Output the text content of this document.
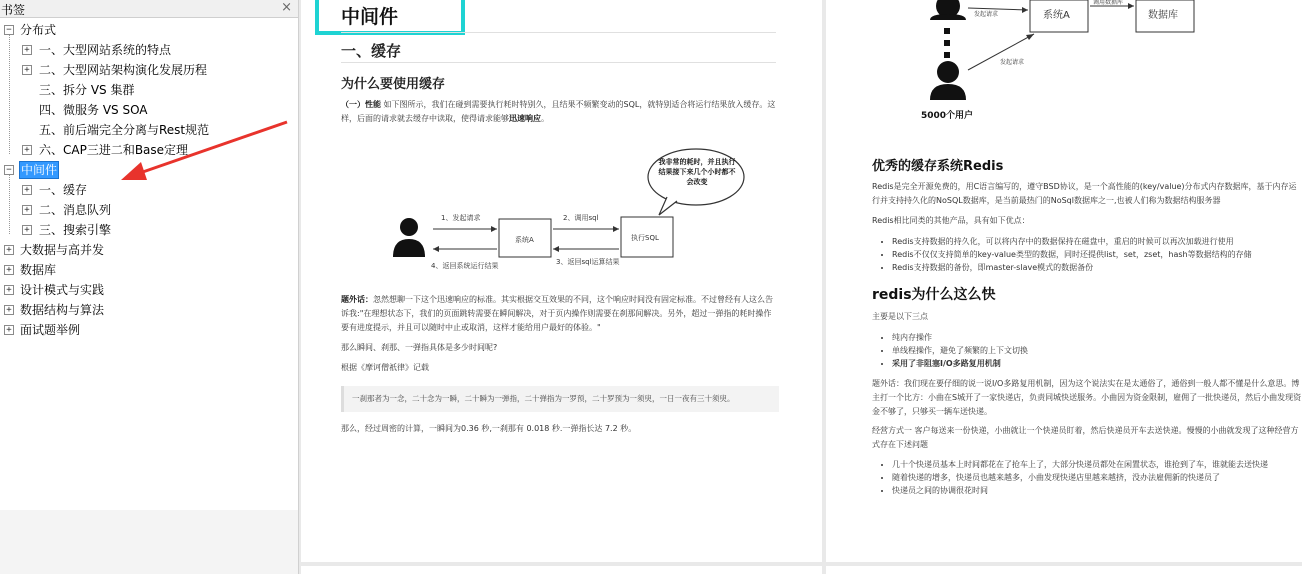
书签	×
−
分布式
+
一、大型网站系统的特点
+
二、大型网站架构演化发展历程
三、拆分 VS 集群
四、微服务 VS SOA
五、前后端完全分离与Rest规范
+
六、CAP三进二和Base定理
−
中间件
+
一、缓存
+
二、消息队列
+
三、搜索引擎
+
大数据与高并发
+
数据库
+
设计模式与实践
+
数据结构与算法
+
面试题举例
中间件
一、缓存
为什么要使用缓存
（一）性能 如下图所示，我们在碰到需要执行耗时特别久，且结果不频繁变动的SQL，就特别适合将运行结果放入缓存。这样，后面的请求就去缓存中读取，使得请求能够迅速响应。
系统A	执行SQL
1、发起请求	2、调用sql
3、返回sql运算结果
4、返回系统运行结果
我非常的耗时，并且执行结果接下来几个小时都不会改变
题外话：忽然想聊一下这个迅速响应的标准。其实根据交互效果的不同，这个响应时间没有固定标准。不过曾经有人这么告诉我:"在理想状态下，我们的页面跳转需要在瞬间解决，对于页内操作则需要在刹那间解决。另外，超过一弹指的耗时操作要有进度提示，并且可以随时中止或取消，这样才能给用户最好的体验。"
那么瞬间、刹那、一弹指具体是多少时间呢?
根据《摩诃僧祇律》记载
一刹那者为一念，二十念为一瞬，二十瞬为一弹指，二十弹指为一罗预，二十罗预为一须臾，一日一夜有三十须臾。
那么，经过周密的计算，一瞬间为0.36 秒,一刹那有 0.018 秒.一弹指长达 7.2 秒。
5000个用户
系统A	数据库
调用数据库
发起请求
发起请求
优秀的缓存系统Redis
Redis是完全开源免费的，用C语言编写的，遵守BSD协议，是一个高性能的(key/value)分布式内存数据库，基于内存运行并支持持久化的NoSQL数据库，是当前最热门的NoSql数据库之一,也被人们称为数据结构服务器
Redis相比同类的其他产品，具有如下优点：
• Redis支持数据的持久化，可以将内存中的数据保持在磁盘中，重启的时候可以再次加载进行使用
• Redis不仅仅支持简单的key-value类型的数据，同时还提供list，set，zset，hash等数据结构的存储
• Redis支持数据的备份，即master-slave模式的数据备份
redis为什么这么快
主要是以下三点
• 纯内存操作
• 单线程操作，避免了频繁的上下文切换
• 采用了非阻塞I/O多路复用机制
题外话：我们现在要仔细的说一说I/O多路复用机制，因为这个说法实在是太通俗了，通俗到一般人都不懂是什么意思。博主打一个比方：小曲在S城开了一家快递店，负责同城快送服务。小曲因为资金限制，雇佣了一批快递员，然后小曲发现资金不够了，只够买一辆车送快递。
经营方式一 客户每送来一份快递，小曲就让一个快递员盯着，然后快递员开车去送快递。慢慢的小曲就发现了这种经营方式存在下述问题
• 几十个快递员基本上时间都花在了抢车上了，大部分快递员都处在闲置状态，谁抢到了车，谁就能去送快递
• 随着快递的增多，快递员也越来越多，小曲发现快递店里越来越挤，没办法雇佣新的快递员了
• 快递员之间的协调很花时间
